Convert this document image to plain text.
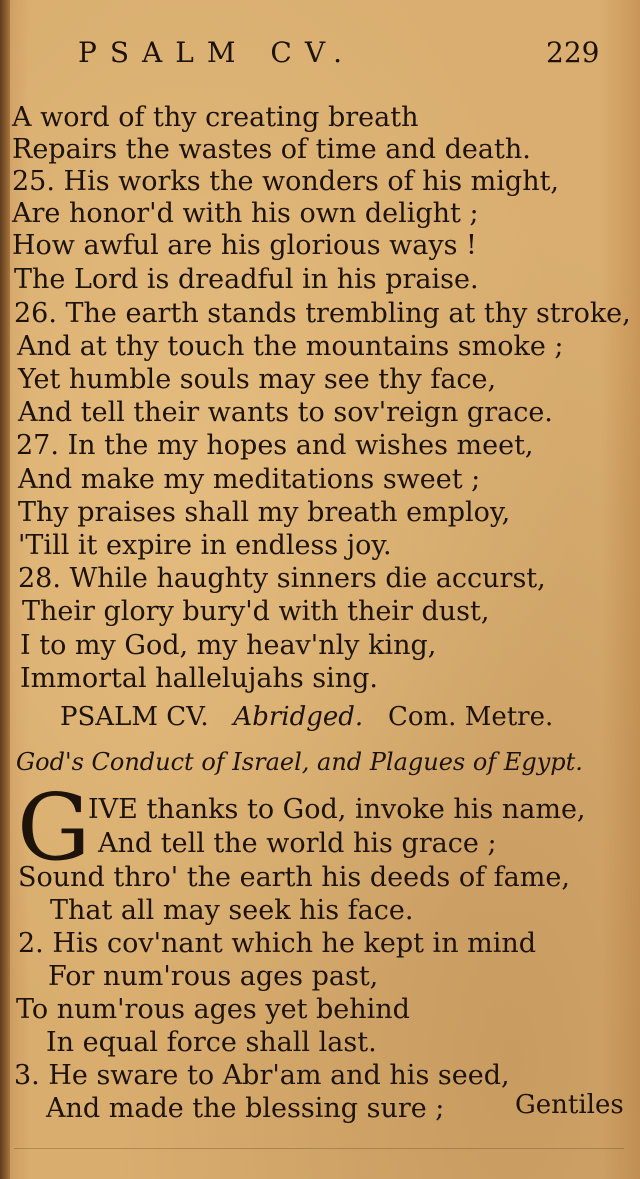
PSALM CV.	229
A word of thy creating breath
Repairs the wastes of time and death.
25. His works the wonders of his might,
Are honor'd with his own delight ;
How awful are his glorious ways !
The Lord is dreadful in his praise.
26. The earth stands trembling at thy stroke,
And at thy touch the mountains smoke ;
Yet humble souls may see thy face,
And tell their wants to sov'reign grace.
27. In the my hopes and wishes meet,
And make my meditations sweet ;
Thy praises shall my breath employ,
'Till it expire in endless joy.
28. While haughty sinners die accurst,
Their glory bury'd with their dust,
I to my God, my heav'nly king,
Immortal hallelujahs sing.
PSALM CV. Abridged. Com. Metre.
God's Conduct of Israel, and Plagues of Egypt.
G
IVE thanks to God, invoke his name,
And tell the world his grace ;
Sound thro' the earth his deeds of fame,
That all may seek his face.
2. His cov'nant which he kept in mind
For num'rous ages past,
To num'rous ages yet behind
In equal force shall last.
3. He sware to Abr'am and his seed,
And made the blessing sure ;	Gentiles
